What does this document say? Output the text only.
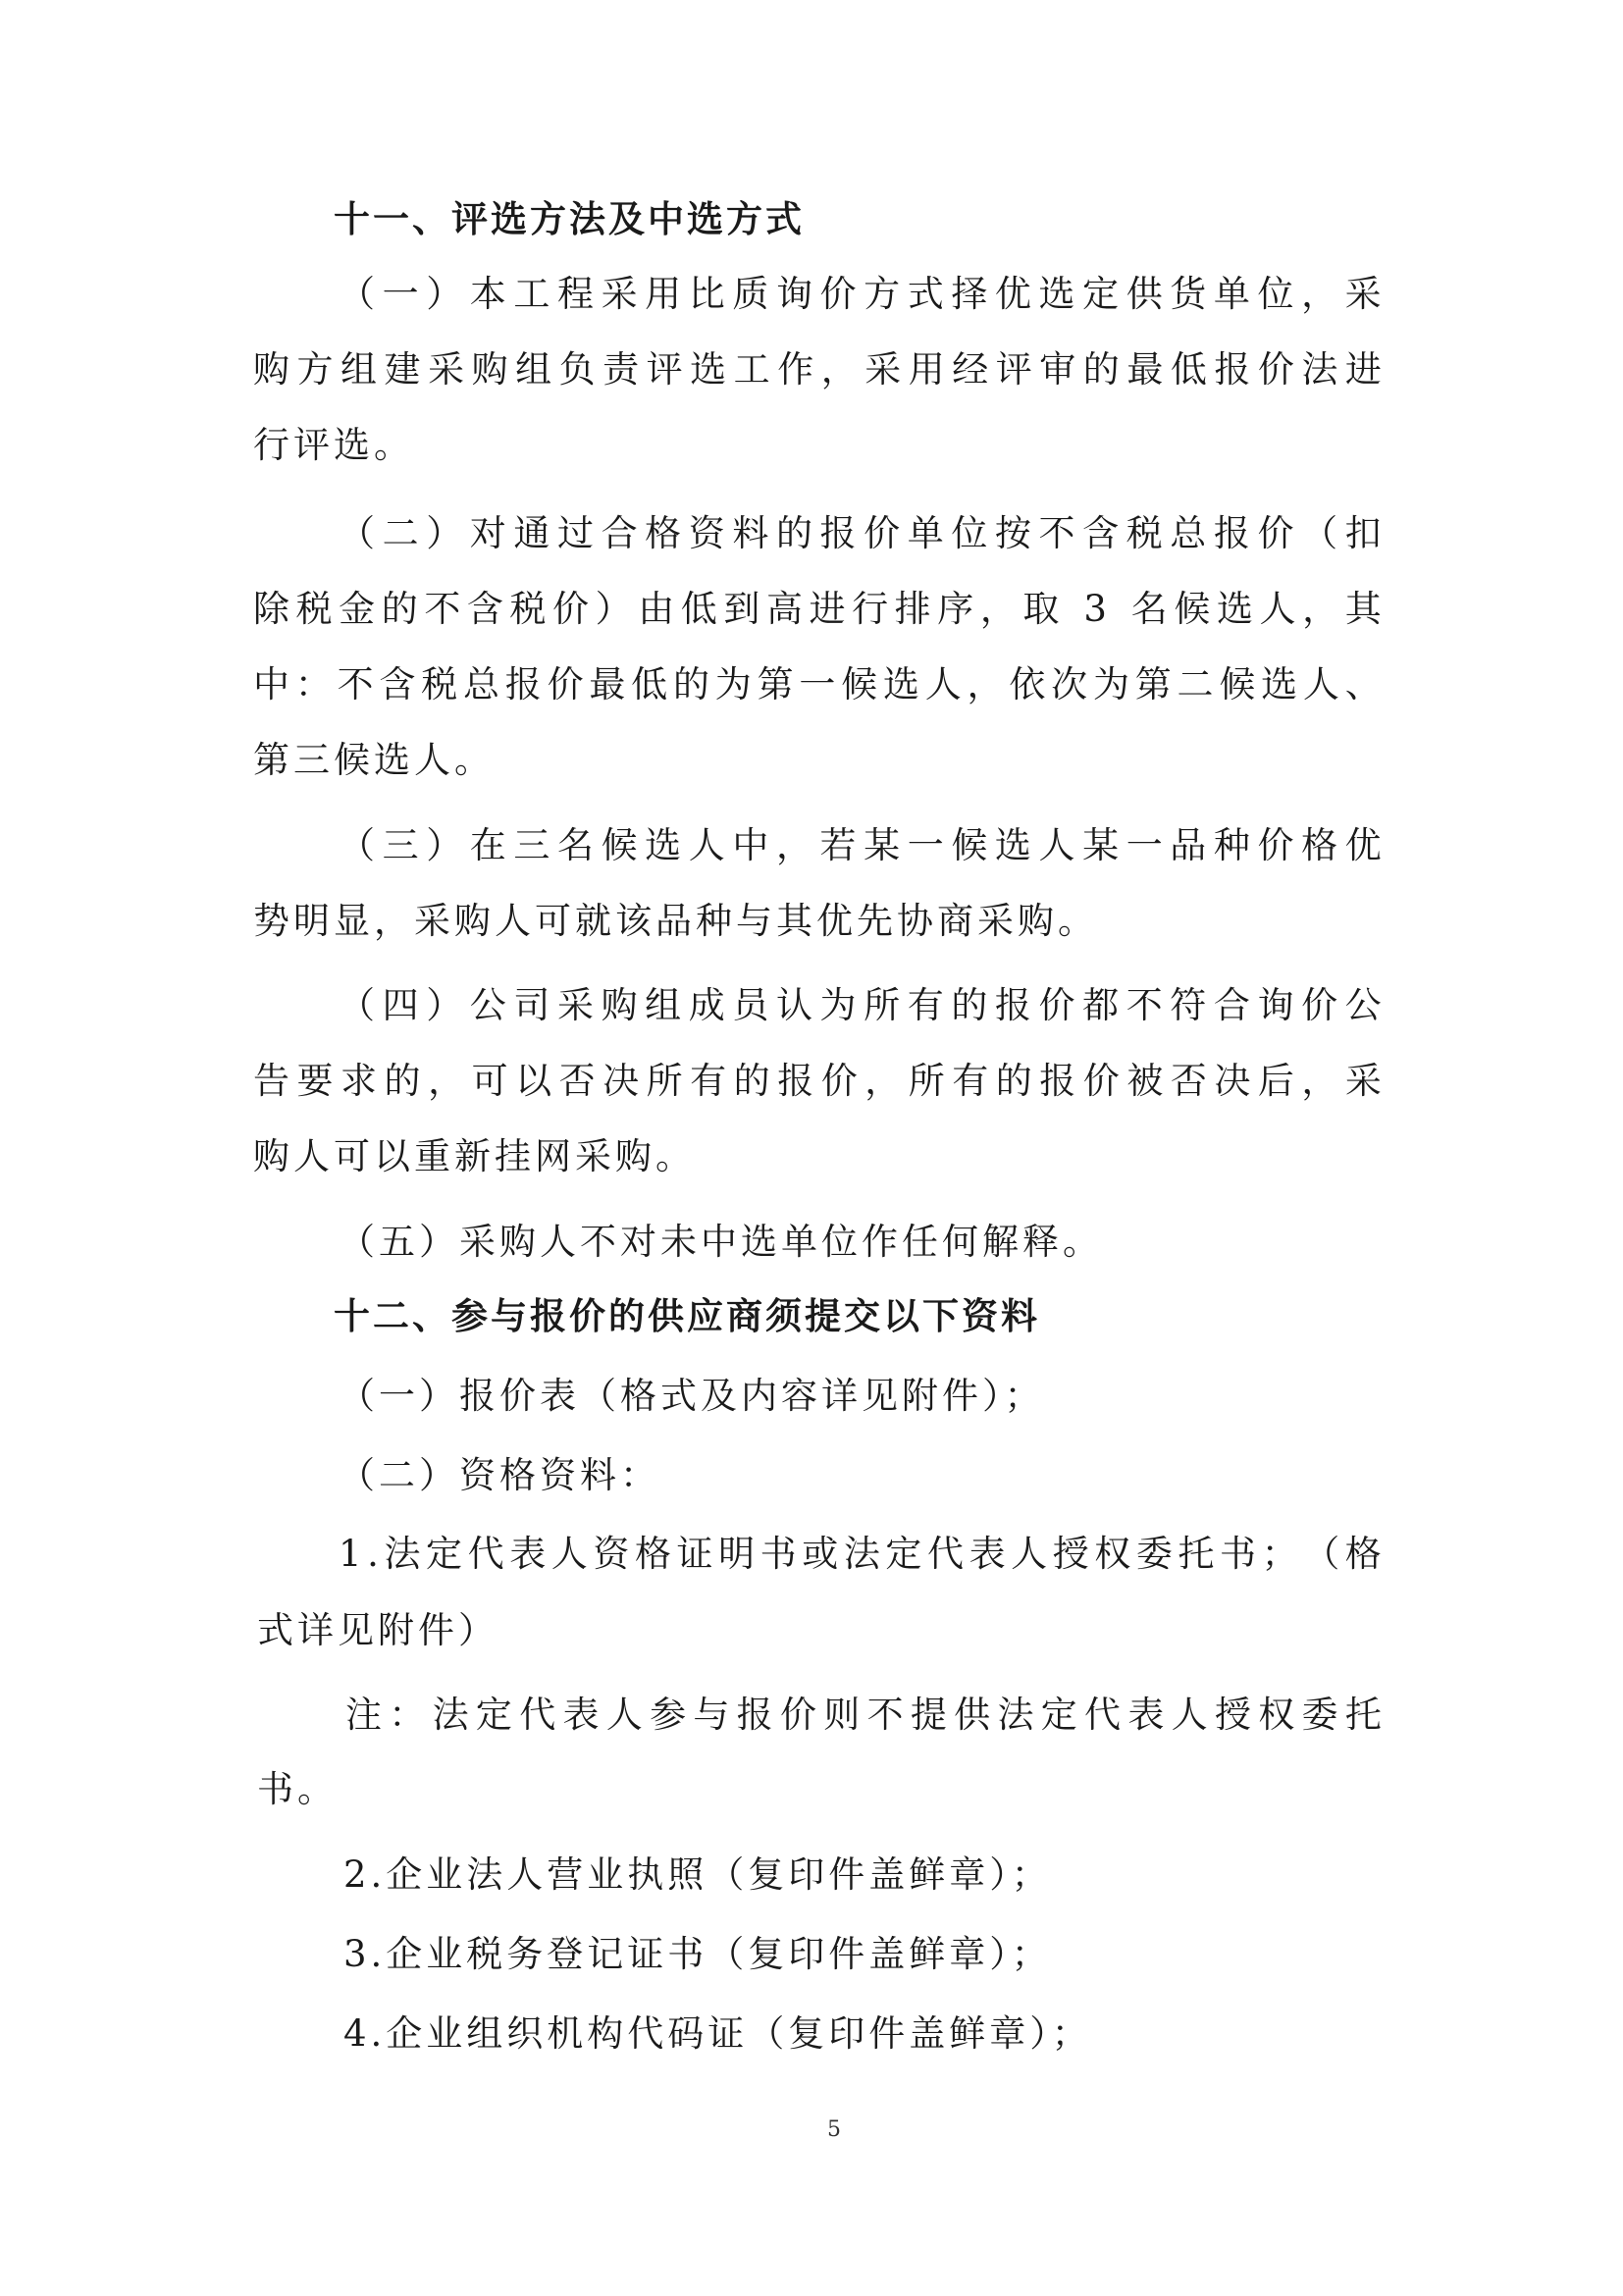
十一、评选方法及中选方式

（ 一 ） 本 工 程 采 用 比 质 询 价 方 式 择 优 选 定 供 货 单 位 ， 采

购 方 组 建 采 购 组 负 责 评 选 工 作 ， 采 用 经 评 审 的 最 低 报 价 法 进

行评选。

（ 二 ） 对 通 过 合 格 资 料 的 报 价 单 位 按 不 含 税 总 报 价 （ 扣

除 税 金 的 不 含 税 价 ） 由 低 到 高 进 行 排 序 ， 取
3
名 候 选 人 ， 其

中 ： 不 含 税 总 报 价 最 低 的 为 第 一 候 选 人 ， 依 次 为 第 二 候 选 人 、

第三候选人。

（ 三 ） 在 三 名 候 选 人 中 ， 若 某 一 候 选 人 某 一 品 种 价 格 优

势明显，采购人可就该品种与其优先协商采购。

（ 四 ） 公 司 采 购 组 成 员 认 为 所 有 的 报 价 都 不 符 合 询 价 公

告 要 求 的 ， 可 以 否 决 所 有 的 报 价 ， 所 有 的 报 价 被 否 决 后 ， 采

购人可以重新挂网采购。

（五）采购人不对未中选单位作任何解释。

十二、参与报价的供应商须提交以下资料

（一）报价表（格式及内容详见附件）；

（二）资格资料：

1 . 法 定 代 表 人 资 格 证 明 书 或 法 定 代 表 人 授 权 委 托 书 ； （ 格

式详见附件）

注 ： 法 定 代 表 人 参 与 报 价 则 不 提 供 法 定 代 表 人 授 权 委 托

书。

2.企业法人营业执照（复印件盖鲜章）；

3.企业税务登记证书（复印件盖鲜章）；

4.企业组织机构代码证（复印件盖鲜章）；

5
